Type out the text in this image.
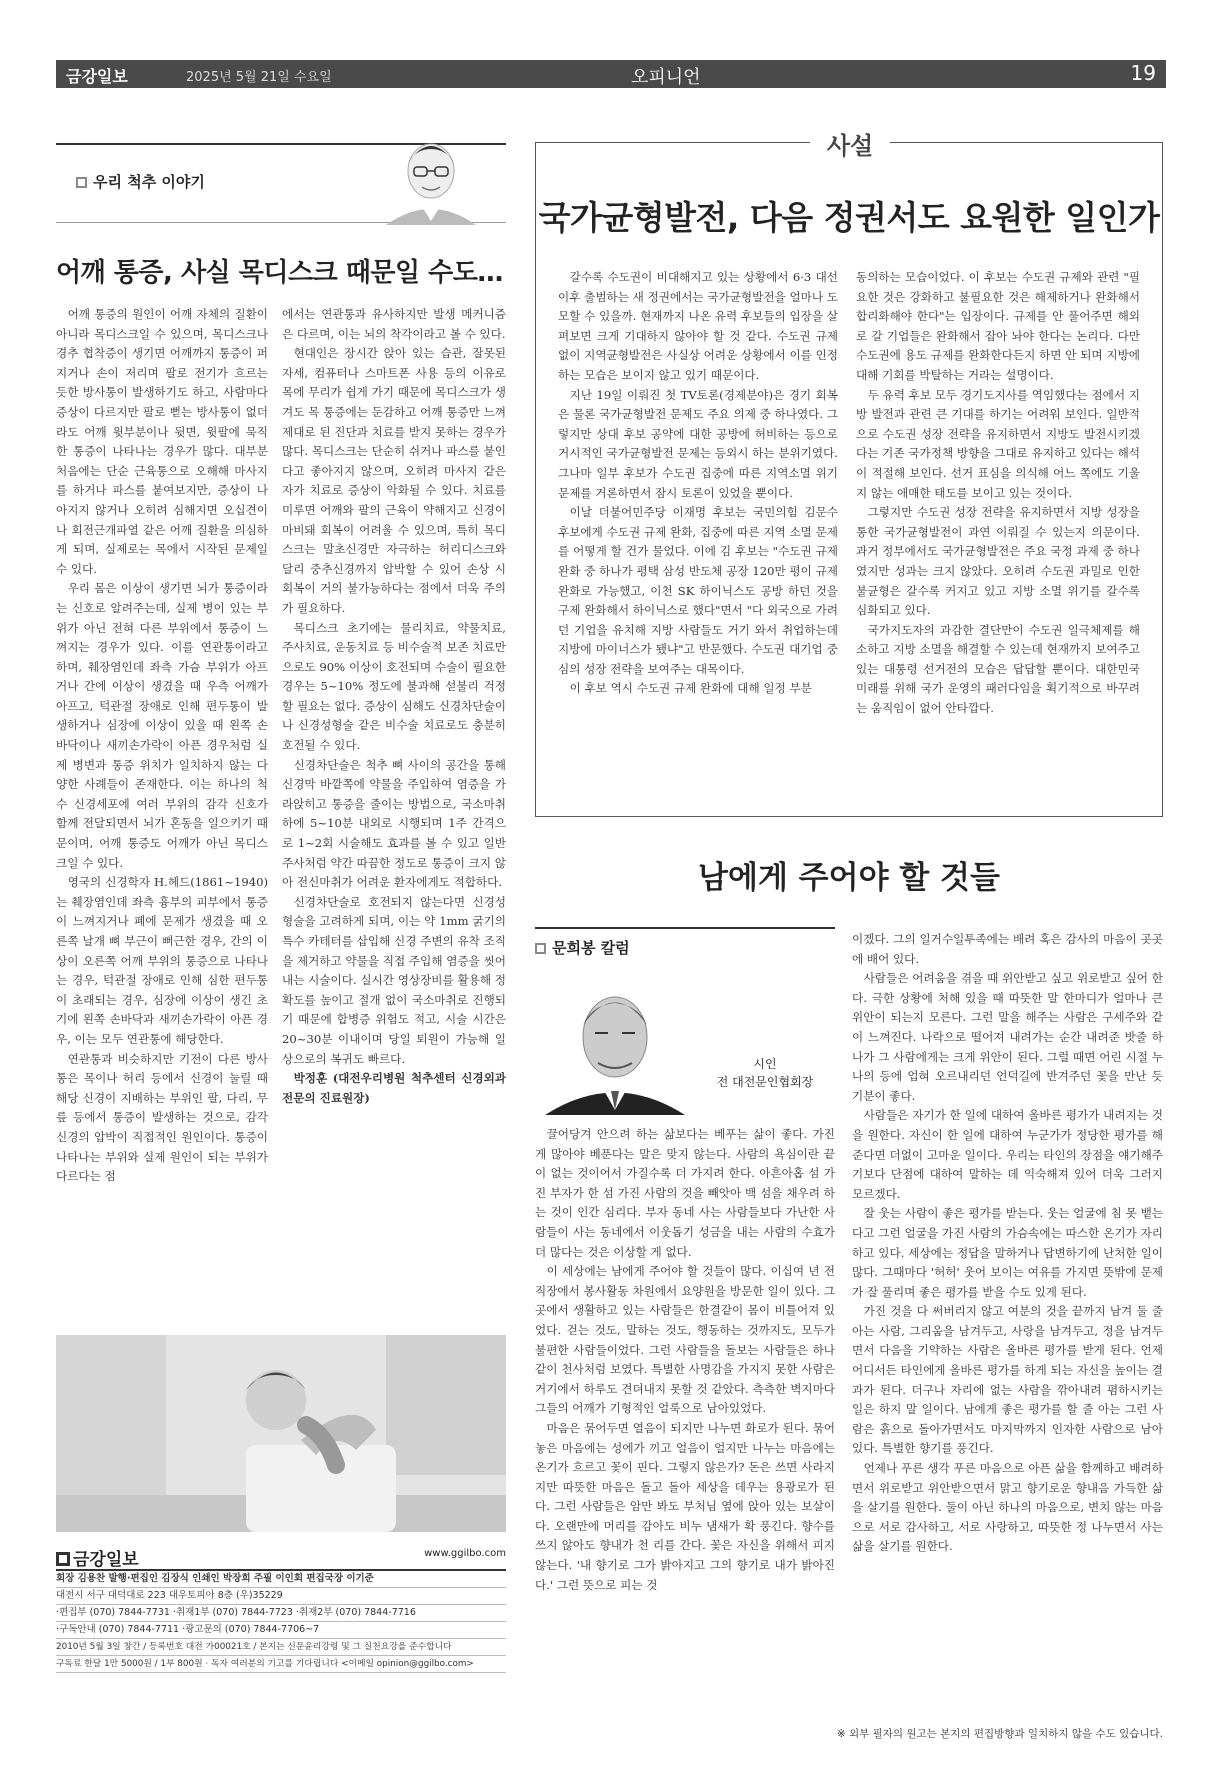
금강일보	2025년 5월 21일 수요일	오피니언	19
우리 척추 이야기
어깨 통증, 사실 목디스크 때문일 수도…

어깨 통증의 원인이 어깨 자체의 질환이 아니라 목디스크일 수 있으며, 목디스크나 경추 협착증이 생기면 어깨까지 통증이 퍼지거나 손이 저리며 팔로 전기가 흐르는 듯한 방사통이 발생하기도 하고, 사람마다 증상이 다르지만 팔로 뻗는 방사통이 없더라도 어깨 윗부분이나 뒷면, 윗팔에 묵직한 통증이 나타나는 경우가 많다. 대부분 처음에는 단순 근육통으로 오해해 마사지를 하거나 파스를 붙여보지만, 증상이 나아지지 않거나 오히려 심해지면 오십견이나 회전근개파열 같은 어깨 질환을 의심하게 되며, 실제로는 목에서 시작된 문제일 수 있다.

우리 몸은 이상이 생기면 뇌가 통증이라는 신호로 알려주는데, 실제 병이 있는 부위가 아닌 전혀 다른 부위에서 통증이 느껴지는 경우가 있다. 이를 연관통이라고 하며, 췌장염인데 좌측 가슴 부위가 아프거나 간에 이상이 생겼을 때 우측 어깨가 아프고, 턱관절 장애로 인해 편두통이 발생하거나 심장에 이상이 있을 때 왼쪽 손바닥이나 새끼손가락이 아픈 경우처럼 실제 병변과 통증 위치가 일치하지 않는 다양한 사례들이 존재한다. 이는 하나의 척수 신경세포에 여러 부위의 감각 신호가 함께 전달되면서 뇌가 혼동을 일으키기 때문이며, 어깨 통증도 어깨가 아닌 목디스크일 수 있다.

영국의 신경학자 H.헤드(1861~1940)는 췌장염인데 좌측 흉부의 피부에서 통증이 느껴지거나 폐에 문제가 생겼을 때 오른쪽 날개 뼈 부근이 뻐근한 경우, 간의 이상이 오른쪽 어깨 부위의 통증으로 나타나는 경우, 턱관절 장애로 인해 심한 편두통이 초래되는 경우, 심장에 이상이 생긴 초기에 왼쪽 손바닥과 새끼손가락이 아픈 경우, 이는 모두 연관통에 해당한다.

연관통과 비슷하지만 기전이 다른 방사통은 목이나 허리 등에서 신경이 눌릴 때 해당 신경이 지배하는 부위인 팔, 다리, 무릎 등에서 통증이 발생하는 것으로, 감각신경의 압박이 직접적인 원인이다. 통증이 나타나는 부위와 실제 원인이 되는 부위가 다르다는 점

에서는 연관통과 유사하지만 발생 메커니즘은 다르며, 이는 뇌의 착각이라고 볼 수 있다.

현대인은 장시간 앉아 있는 습관, 잘못된 자세, 컴퓨터나 스마트폰 사용 등의 이유로 목에 무리가 쉽게 가기 때문에 목디스크가 생겨도 목 통증에는 둔감하고 어깨 통증만 느껴 제대로 된 진단과 치료를 받지 못하는 경우가 많다. 목디스크는 단순히 쉬거나 파스를 붙인다고 좋아지지 않으며, 오히려 마사지 같은 자가 치료로 증상이 악화될 수 있다. 치료를 미루면 어깨와 팔의 근육이 약해지고 신경이 마비돼 회복이 어려울 수 있으며, 특히 목디스크는 말초신경만 자극하는 허리디스크와 달리 중추신경까지 압박할 수 있어 손상 시 회복이 거의 불가능하다는 점에서 더욱 주의가 필요하다.

목디스크 초기에는 물리치료, 약물치료, 주사치료, 운동치료 등 비수술적 보존 치료만으로도 90% 이상이 호전되며 수술이 필요한 경우는 5~10% 정도에 불과해 섣불리 걱정할 필요는 없다. 증상이 심해도 신경차단술이나 신경성형술 같은 비수술 치료로도 충분히 호전될 수 있다.

신경차단술은 척추 뼈 사이의 공간을 통해 신경막 바깥쪽에 약물을 주입하여 염증을 가라앉히고 통증을 줄이는 방법으로, 국소마취 하에 5~10분 내외로 시행되며 1주 간격으로 1~2회 시술해도 효과를 볼 수 있고 일반 주사처럼 약간 따끔한 정도로 통증이 크지 않아 전신마취가 어려운 환자에게도 적합하다.

신경차단술로 호전되지 않는다면 신경성형술을 고려하게 되며, 이는 약 1mm 굵기의 특수 카테터를 삽입해 신경 주변의 유착 조직을 제거하고 약물을 직접 주입해 염증을 씻어내는 시술이다. 실시간 영상장비를 활용해 정확도를 높이고 절개 없이 국소마취로 진행되기 때문에 합병증 위험도 적고, 시술 시간은 20~30분 이내이며 당일 퇴원이 가능해 일상으로의 복귀도 빠르다.

박정훈 (대전우리병원 척추센터 신경외과전문의 진료원장)

금강일보	www.ggilbo.com
회장 김용찬 발행·편집인 김장식 인쇄인 박장희 주필 이인회 편집국장 이기준
대전시 서구 대덕대로 223 대우토피아 8층 (우)35229
·편집부 (070) 7844-7731 ·취재1부 (070) 7844-7723 ·취재2부 (070) 7844-7716
·구독안내 (070) 7844-7711 ·광고문의 (070) 7844-7706~7
2010년 5월 3일 창간 / 등록번호 대전 가00021호 / 본지는 신문윤리강령 및 그 실천요강을 준수합니다
구독료 한달 1만 5000원 / 1부 800원 · 독자 여러분의 기고를 기다립니다 <이메일 opinion@ggilbo.com>
사설
국가균형발전, 다음 정권서도 요원한 일인가

갈수록 수도권이 비대해지고 있는 상황에서 6·3 대선 이후 출범하는 새 정권에서는 국가균형발전을 얼마나 도모할 수 있을까. 현재까지 나온 유력 후보들의 입장을 살펴보면 크게 기대하지 않아야 할 것 같다. 수도권 규제 없이 지역균형발전은 사실상 어려운 상황에서 이를 인정하는 모습은 보이지 않고 있기 때문이다.

지난 19일 이뤄진 첫 TV토론(경제분야)은 경기 회복은 물론 국가균형발전 문제도 주요 의제 중 하나였다. 그렇지만 상대 후보 공약에 대한 공방에 허비하는 등으로 거시적인 국가균형발전 문제는 등외시 하는 분위기였다. 그나마 일부 후보가 수도권 집중에 따른 지역소멸 위기 문제를 거론하면서 잠시 토론이 있었을 뿐이다.

이날 더불어민주당 이재명 후보는 국민의힘 김문수 후보에게 수도권 규제 완화, 집중에 따른 지역 소멸 문제를 어떻게 할 건가 물었다. 이에 김 후보는 "수도권 규제 완화 중 하나가 평택 삼성 반도체 공장 120만 평이 규제 완화로 가능했고, 이천 SK 하이닉스도 공방 하던 것을 구제 완화해서 하이닉스로 했다"면서 "다 외국으로 가려던 기업을 유치해 지방 사람들도 거기 와서 취업하는데 지방에 마이너스가 됐냐"고 반문했다. 수도권 대기업 중심의 성장 전략을 보여주는 대목이다.

이 후보 역시 수도권 규제 완화에 대해 일정 부분

동의하는 모습이었다. 이 후보는 수도권 규제와 관련 "필요한 것은 강화하고 불필요한 것은 해제하거나 완화해서 합리화해야 한다"는 입장이다. 규제를 안 풀어주면 해외로 갈 기업들은 완화해서 잡아 놔야 한다는 논리다. 다만 수도권에 용도 규제를 완화한다든지 하면 안 되며 지방에 대해 기회를 박탈하는 거라는 설명이다.

두 유력 후보 모두 경기도지사를 역임했다는 점에서 지방 발전과 관련 큰 기대를 하기는 어려워 보인다. 일반적으로 수도권 성장 전략을 유지하면서 지방도 발전시키겠다는 기존 국가정책 방향을 그대로 유지하고 있다는 해석이 적절해 보인다. 선거 표심을 의식해 어느 쪽에도 기울지 않는 애매한 태도를 보이고 있는 것이다.

그렇지만 수도권 성장 전략을 유지하면서 지방 성장을 통한 국가균형발전이 과연 이뤄질 수 있는지 의문이다. 과거 정부에서도 국가균형발전은 주요 국정 과제 중 하나였지만 성과는 크지 않았다. 오히려 수도권 과밀로 인한 불균형은 갈수록 커지고 있고 지방 소멸 위기를 갈수록 심화되고 있다.

국가지도자의 과감한 결단만이 수도권 일극체제를 해소하고 지방 소멸을 해결할 수 있는데 현재까지 보여주고 있는 대통령 선거전의 모습은 답답할 뿐이다. 대한민국 미래를 위해 국가 운영의 패러다임을 획기적으로 바꾸려는 움직임이 없어 안타깝다.

남에게 주어야 할 것들
문희봉 칼럼
시인
전 대전문인협회장

끌어당겨 안으려 하는 삶보다는 베푸는 삶이 좋다. 가진 게 많아야 베푼다는 말은 맞지 않는다. 사람의 욕심이란 끝이 없는 것이어서 가질수록 더 가지려 한다. 아흔아홉 섬 가진 부자가 한 섬 가진 사람의 것을 빼앗아 백 섬을 채우려 하는 것이 인간 심리다. 부자 동네 사는 사람들보다 가난한 사람들이 사는 동네에서 이웃돕기 성금을 내는 사람의 수효가 더 많다는 것은 이상할 게 없다.

이 세상에는 남에게 주어야 할 것들이 많다. 이십여 년 전 직장에서 봉사활동 차원에서 요양원을 방문한 일이 있다. 그곳에서 생활하고 있는 사람들은 한결같이 몸이 비틀어져 있었다. 걷는 것도, 말하는 것도, 행동하는 것까지도, 모두가 불편한 사람들이었다. 그런 사람들을 돌보는 사람들은 하나같이 천사처럼 보였다. 특별한 사명감을 가지지 못한 사람은 거기에서 하루도 견뎌내지 못할 것 같았다. 측측한 벽지마다 그들의 어깨가 기형적인 얼룩으로 남아있었다.

마음은 묶어두면 열음이 되지만 나누면 화로가 된다. 묶어놓은 마음에는 성에가 끼고 얼음이 얼지만 나누는 마음에는 온기가 흐르고 꽃이 핀다. 그렇지 않은가? 돈은 쓰면 사라지지만 따뜻한 마음은 돌고 돌아 세상을 데우는 용광로가 된다. 그런 사람들은 암만 봐도 부처님 옆에 앉아 있는 보살이다. 오랜만에 머리를 감아도 비누 냄새가 확 풍긴다. 향수를 쓰지 않아도 향내가 천 리를 간다. 꽃은 자신을 위해서 피지 않는다. '내 향기로 그가 밝아지고 그의 향기로 내가 밝아진다.' 그런 뜻으로 피는 것

이겠다. 그의 일거수일투족에는 배려 혹은 감사의 마음이 곳곳에 배어 있다.

사람들은 어려움을 겪을 때 위안받고 싶고 위로받고 싶어 한다. 극한 상황에 처해 있을 때 따뜻한 말 한마디가 얼마나 큰 위안이 되는지 모른다. 그런 말을 해주는 사람은 구세주와 같이 느껴진다. 나락으로 떨어져 내려가는 순간 내려준 밧줄 하나가 그 사람에게는 크게 위안이 된다. 그럴 때면 어린 시절 누나의 등에 업혀 오르내리던 언덕길에 반겨주던 꽃을 만난 듯 기분이 좋다.

사람들은 자기가 한 일에 대하여 올바른 평가가 내려지는 것을 원한다. 자신이 한 일에 대하여 누군가가 정당한 평가를 해준다면 더없이 고마운 일이다. 우리는 타인의 장점을 얘기해주기보다 단점에 대하여 말하는 데 익숙해져 있어 더욱 그러지 모르겠다.

잘 웃는 사람이 좋은 평가를 받는다. 웃는 얼굴에 침 못 뱉는다고 그런 얼굴을 가진 사람의 가슴속에는 따스한 온기가 자리하고 있다. 세상에는 정답을 말하거나 답변하기에 난처한 일이 많다. 그때마다 '허허' 웃어 보이는 여유를 가지면 뜻밖에 문제가 잘 풀리며 좋은 평가를 받을 수도 있게 된다.

가진 것을 다 써버리지 않고 여분의 것을 끝까지 남겨 둘 줄 아는 사람, 그리움을 남겨두고, 사랑을 남겨두고, 정을 남겨두면서 다음을 기약하는 사람은 올바른 평가를 받게 된다. 언제 어디서든 타인에게 올바른 평가를 하게 되는 자신을 높이는 결과가 된다. 더구나 자리에 없는 사람을 깎아내려 폄하시키는 일은 하지 말 일이다. 남에게 좋은 평가를 할 줄 아는 그런 사람은 흙으로 돌아가면서도 마지막까지 인자한 사람으로 남아있다. 특별한 향기를 풍긴다.

언제나 푸른 생각 푸른 마음으로 아픈 삶을 함께하고 배려하면서 위로받고 위안받으면서 맑고 향기로운 향내음 가득한 삶을 살기를 원한다. 둘이 아닌 하나의 마음으로, 변치 않는 마음으로 서로 감사하고, 서로 사랑하고, 따뜻한 정 나누면서 사는 삶을 살기를 원한다.

※ 외부 필자의 원고는 본지의 편집방향과 일치하지 않을 수도 있습니다.
